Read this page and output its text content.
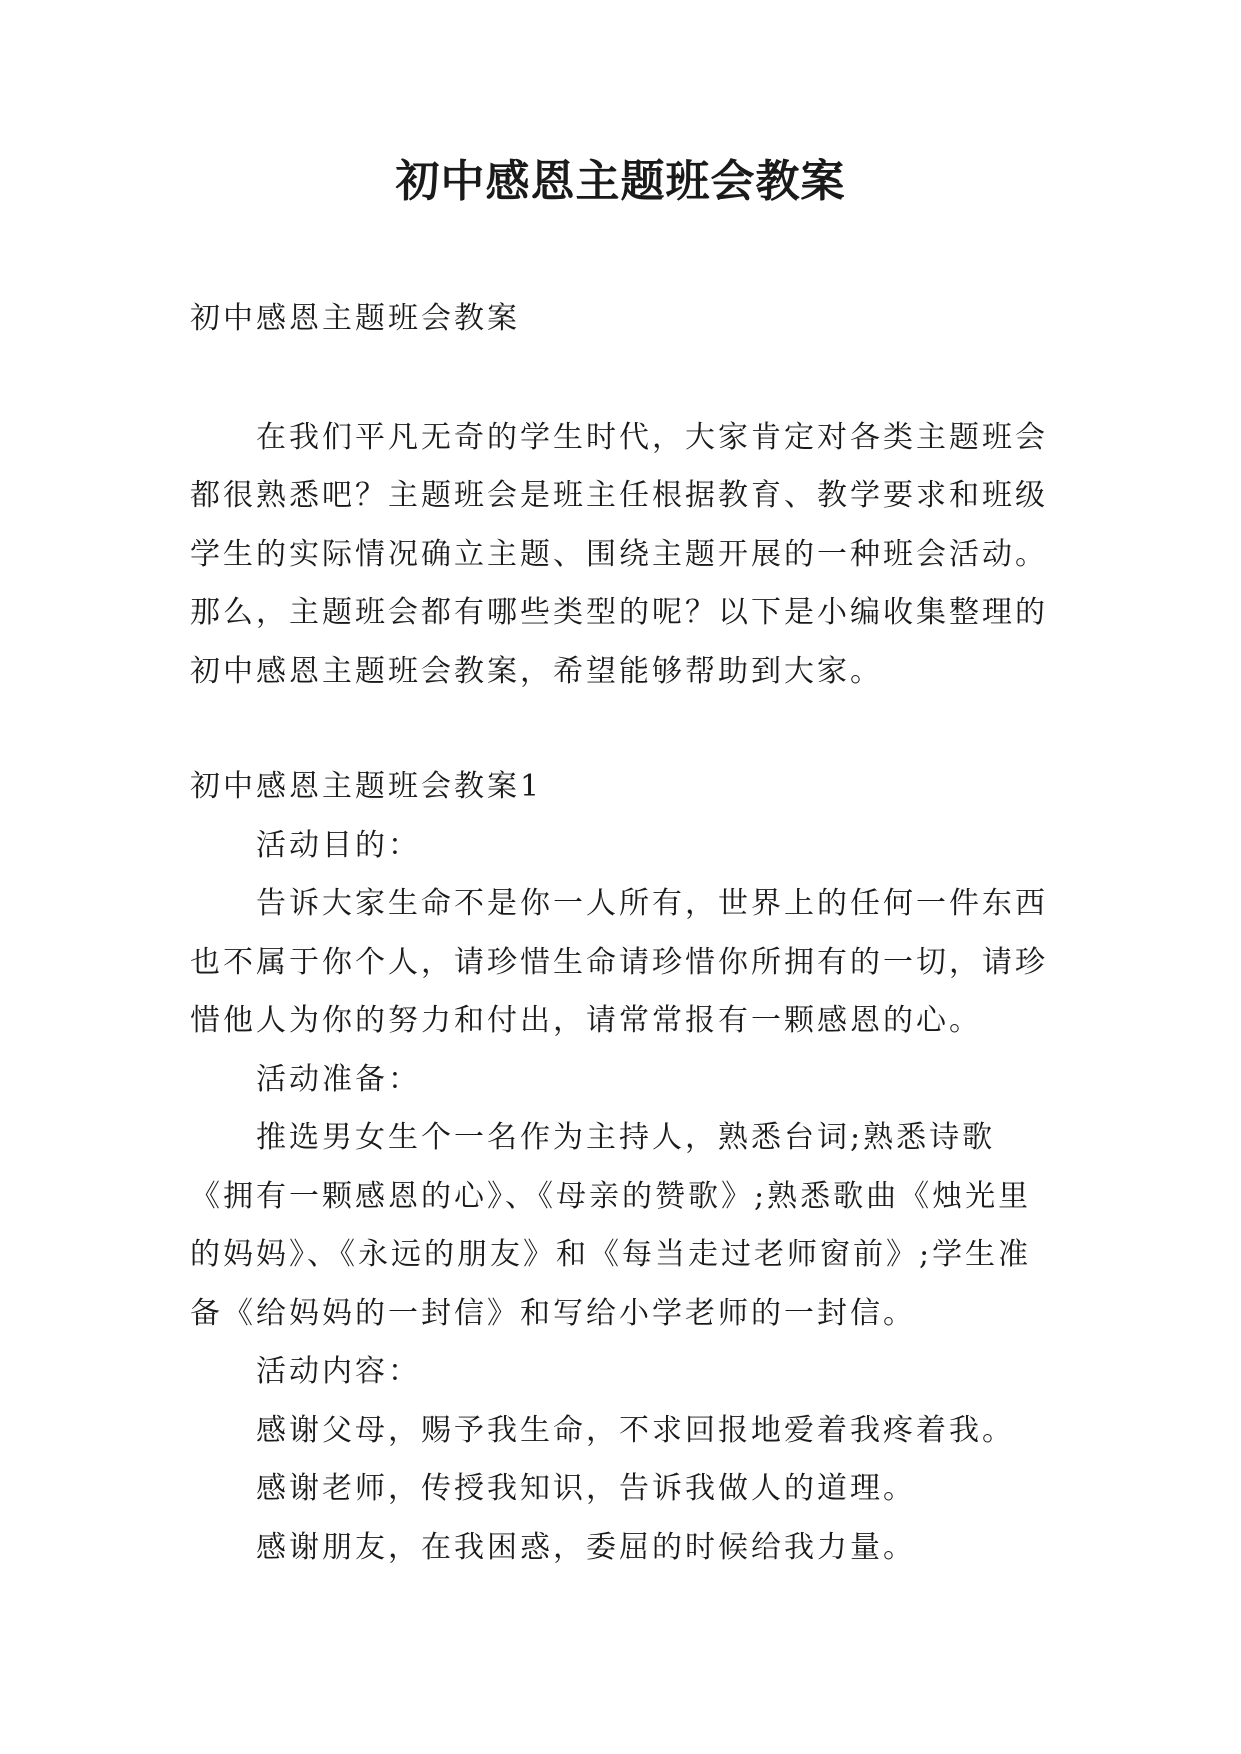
初中感恩主题班会教案

初中感恩主题班会教案

在我们平凡无奇的学生时代，大家肯定对各类主题班会都很熟悉吧？主题班会是班主任根据教育、教学要求和班级学生的实际情况确立主题、围绕主题开展的一种班会活动。那么，主题班会都有哪些类型的呢？以下是小编收集整理的初中感恩主题班会教案，希望能够帮助到大家。

初中感恩主题班会教案1

活动目的：

告诉大家生命不是你一人所有，世界上的任何一件东西也不属于你个人，请珍惜生命请珍惜你所拥有的一切，请珍惜他人为你的努力和付出，请常常报有一颗感恩的心。

活动准备：

推选男女生个一名作为主持人，熟悉台词;熟悉诗歌《拥有一颗感恩的心》、《母亲的赞歌》;熟悉歌曲《烛光里的妈妈》、《永远的朋友》和《每当走过老师窗前》;学生准备《给妈妈的一封信》和写给小学老师的一封信。

活动内容：

感谢父母，赐予我生命，不求回报地爱着我疼着我。

感谢老师，传授我知识，告诉我做人的道理。

感谢朋友，在我困惑，委屈的时候给我力量。
